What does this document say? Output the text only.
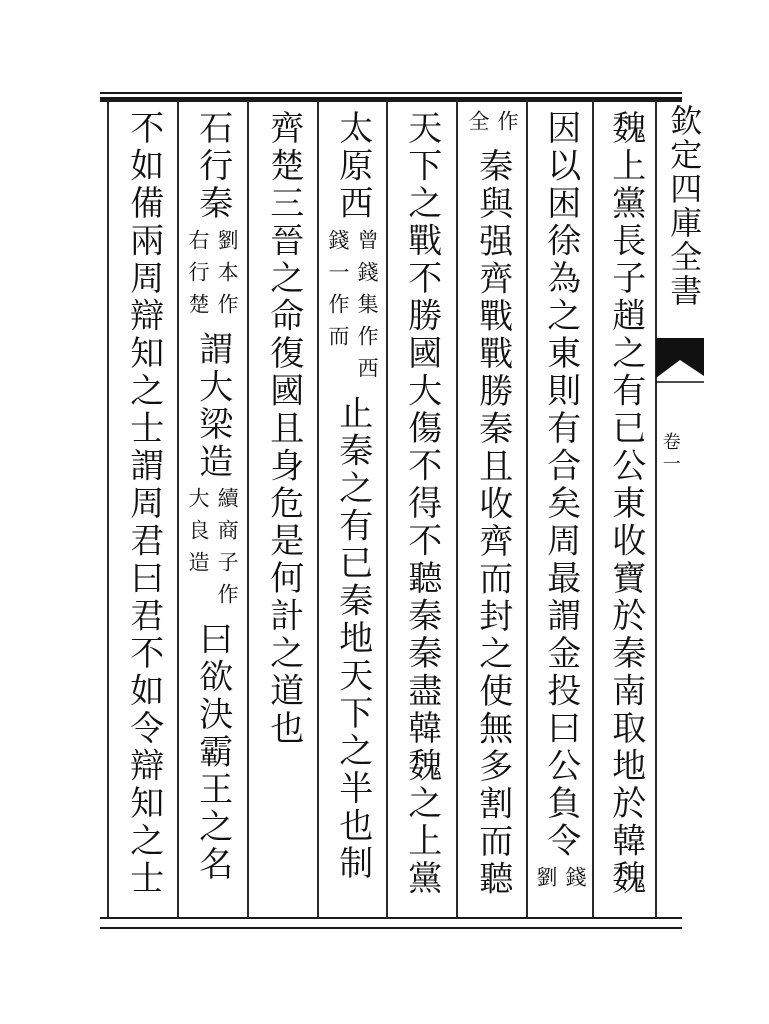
欽定四庫全書
卷一
魏上黨長子趙之有已公東收寶於秦南取地於韓魏
因以困徐為之東則有合矣周最謂金投曰公負令
錢
劉
作
全
秦與强齊戰戰勝秦且收齊而封之使無多割而聽
天下之戰不勝國大傷不得不聽秦秦盡韓魏之上黨
太原西
曾錢集作西
錢一作而
止秦之有已秦地天下之半也制
齊楚三晉之命復國且身危是何計之道也
石行秦
劉本作
右行楚
謂大梁造
續商子作
大良造
曰欲決霸王之名
不如備兩周辯知之士謂周君曰君不如令辯知之士
